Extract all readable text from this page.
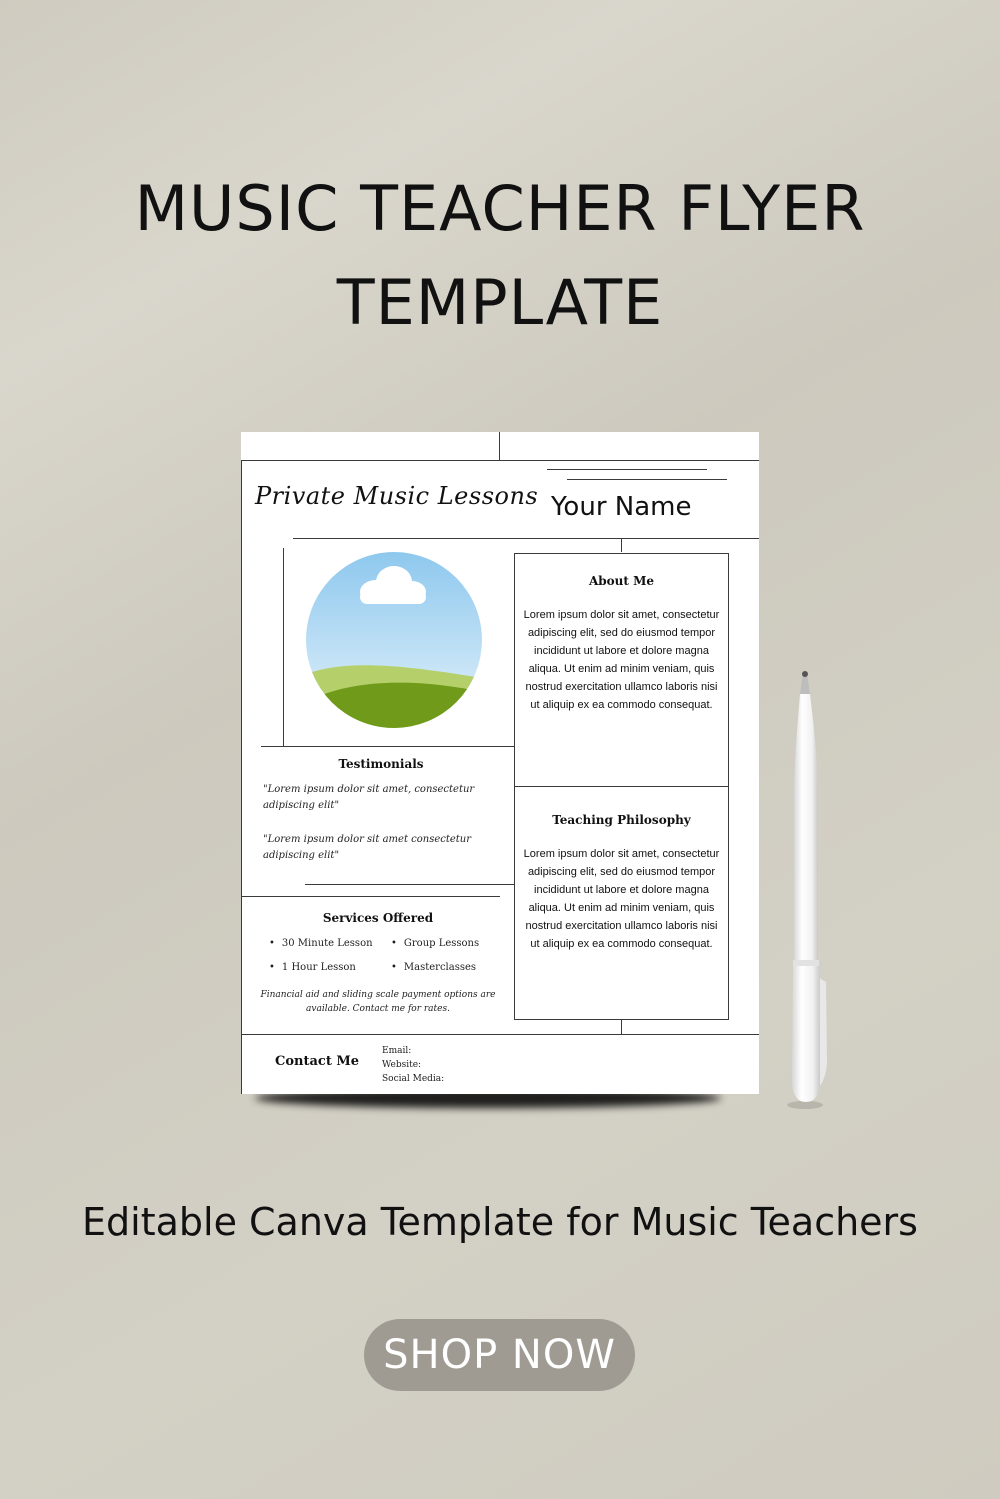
MUSIC TEACHER FLYER
TEMPLATE
Private Music Lessons Your Name
About Me
Lorem ipsum dolor sit amet, consectetur adipiscing elit, sed do eiusmod tempor incididunt ut labore et dolore magna aliqua. Ut enim ad minim veniam, quis nostrud exercitation ullamco laboris nisi ut aliquip ex ea commodo consequat.
Teaching Philosophy
Lorem ipsum dolor sit amet, consectetur adipiscing elit, sed do eiusmod tempor incididunt ut labore et dolore magna aliqua. Ut enim ad minim veniam, quis nostrud exercitation ullamco laboris nisi ut aliquip ex ea commodo consequat.
Testimonials
"Lorem ipsum dolor sit amet, consectetur adipiscing elit"
"Lorem ipsum dolor sit amet consectetur adipiscing elit"
Services Offered
• 30 Minute Lesson	• Group Lessons
• 1 Hour Lesson	• Masterclasses
Financial aid and sliding scale payment options are available. Contact me for rates.
Contact Me
Email:
Website:
Social Media:
Editable Canva Template for Music Teachers
SHOP NOW
